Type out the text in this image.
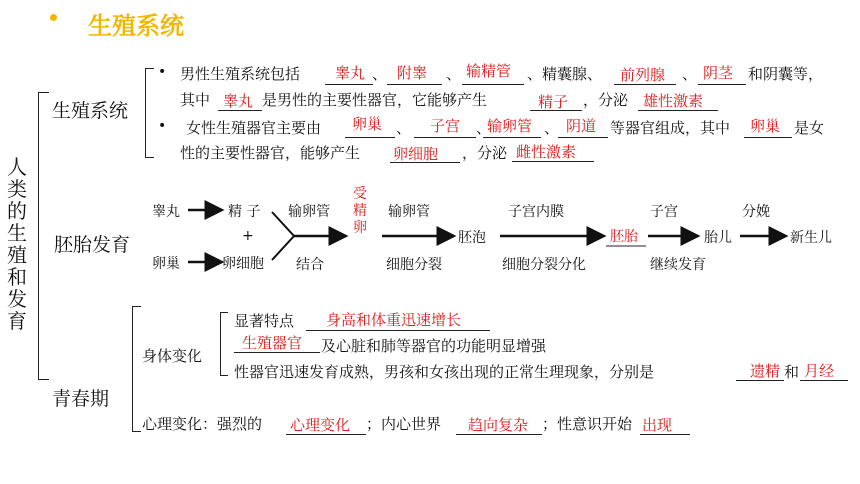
生殖系统
人
类
的
生
殖
和
发
育
生殖系统
胚胎发育
青春期
• 男性生殖系统包括 睾丸 、 附睾 、 输精管 、精囊腺、 前列腺 、 阴茎 和阴囊等，
其中 睾丸 是男性的主要性器官，它能够产生	精子 ，分泌 雄性激素
• 女性生殖器官主要由 卵巢 、 子宫 、
输卵管 、 阴道 等器官组成，其中 卵巢 是女
性的主要性器官，能够产生 卵细胞 ，分泌 雌性激素
睾丸	精 子
+
卵巢	卵细胞
输卵管
结合
受精卵
输卵管
细胞分裂
胚泡
子宫内膜
细胞分裂分化
胚胎
子宫
继续发育
胎儿
分娩
新生儿
身体变化
显著特点 身高和体重迅速增长
生殖器官 及心脏和肺等器官的功能明显增强
性器官迅速发育成熟，男孩和女孩出现的正常生理现象，分别是	遗精 和 月经
心理变化：强烈的 心理变化 ；内心世界 趋向复杂 ；性意识开始 出现
